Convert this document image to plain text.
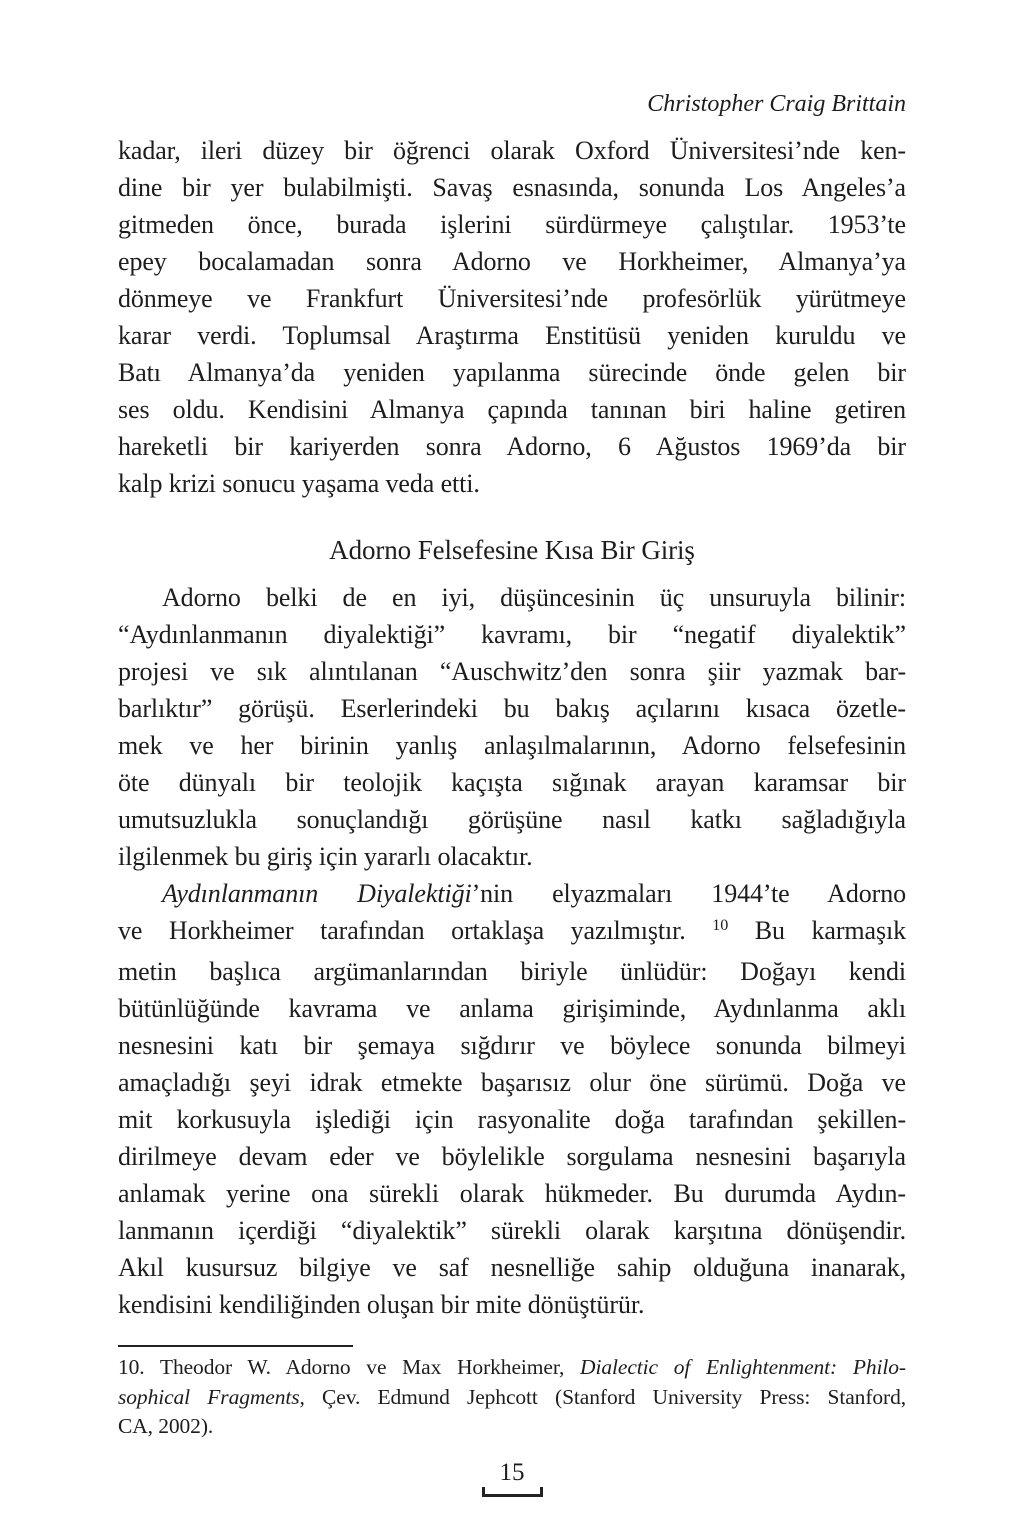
Christopher Craig Brittain
kadar, ileri düzey bir öğrenci olarak Oxford Üniversitesi’nde ken-
dine bir yer bulabilmişti. Savaş esnasında, sonunda Los Angeles’a
gitmeden önce, burada işlerini sürdürmeye çalıştılar. 1953’te
epey bocalamadan sonra Adorno ve Horkheimer, Almanya’ya
dönmeye ve Frankfurt Üniversitesi’nde profesörlük yürütmeye
karar verdi. Toplumsal Araştırma Enstitüsü yeniden kuruldu ve
Batı Almanya’da yeniden yapılanma sürecinde önde gelen bir
ses oldu. Kendisini Almanya çapında tanınan biri haline getiren
hareketli bir kariyerden sonra Adorno, 6 Ağustos 1969’da bir
kalp krizi sonucu yaşama veda etti.
Adorno Felsefesine Kısa Bir Giriş
Adorno belki de en iyi, düşüncesinin üç unsuruyla bilinir:
“Aydınlanmanın diyalektiği” kavramı, bir “negatif diyalektik”
projesi ve sık alıntılanan “Auschwitz’den sonra şiir yazmak bar-
barlıktır” görüşü. Eserlerindeki bu bakış açılarını kısaca özetle-
mek ve her birinin yanlış anlaşılmalarının, Adorno felsefesinin
öte dünyalı bir teolojik kaçışta sığınak arayan karamsar bir
umutsuzlukla sonuçlandığı görüşüne nasıl katkı sağladığıyla
ilgilenmek bu giriş için yararlı olacaktır.
Aydınlanmanın Diyalektiği’nin elyazmaları 1944’te Adorno
ve Horkheimer tarafından ortaklaşa yazılmıştır. $^{10}$ Bu karmaşık
metin başlıca argümanlarından biriyle ünlüdür: Doğayı kendi
bütünlüğünde kavrama ve anlama girişiminde, Aydınlanma aklı
nesnesini katı bir şemaya sığdırır ve böylece sonunda bilmeyi
amaçladığı şeyi idrak etmekte başarısız olur öne sürümü. Doğa ve
mit korkusuyla işlediği için rasyonalite doğa tarafından şekillen-
dirilmeye devam eder ve böylelikle sorgulama nesnesini başarıyla
anlamak yerine ona sürekli olarak hükmeder. Bu durumda Aydın-
lanmanın içerdiği “diyalektik” sürekli olarak karşıtına dönüşendir.
Akıl kusursuz bilgiye ve saf nesnelliğe sahip olduğuna inanarak,
kendisini kendiliğinden oluşan bir mite dönüştürür.
10. Theodor W. Adorno ve Max Horkheimer, Dialectic of Enlightenment: Philo-
sophical Fragments, Çev. Edmund Jephcott (Stanford University Press: Stanford,
CA, 2002).
15
